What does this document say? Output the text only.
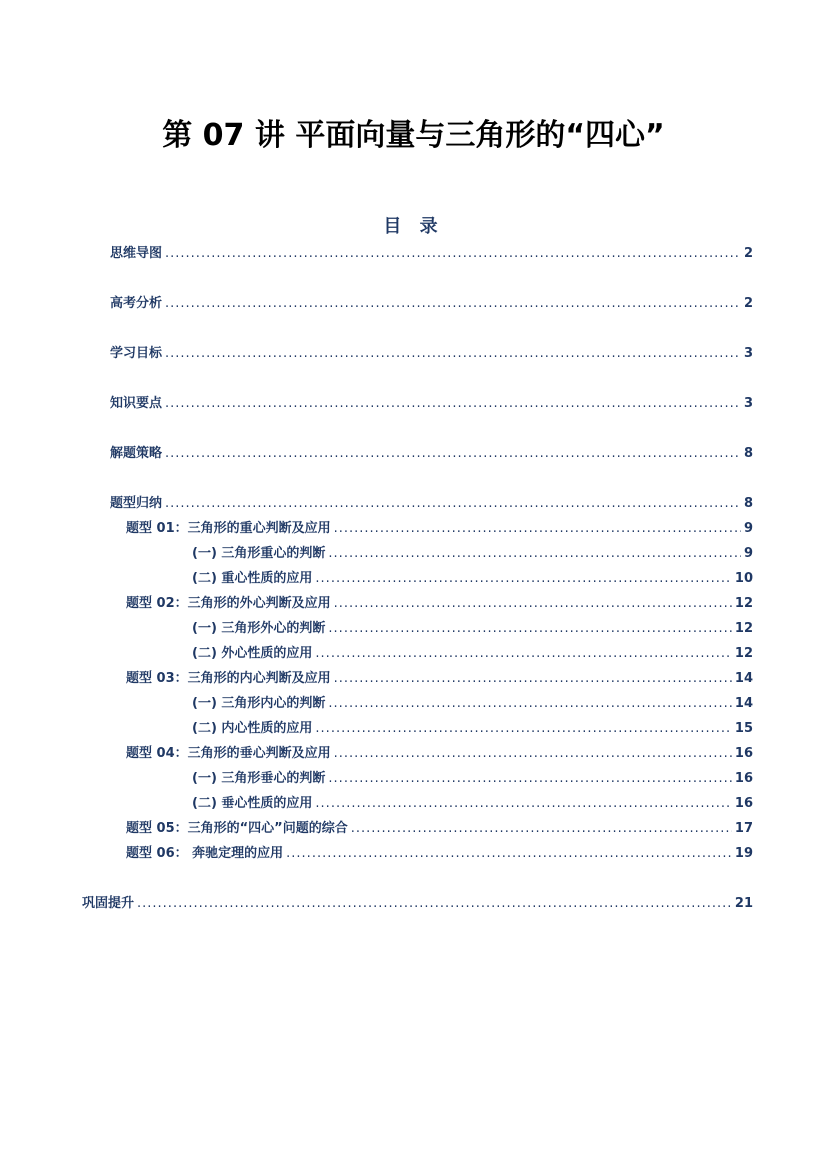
第 07 讲 平面向量与三角形的“四心”
目 录
思维导图 .....	2
高考分析 .....	2
学习目标 .....	3
知识要点 .....	3
解题策略 .....	8
题型归纳 .....	8
题型 01：三角形的重心判断及应用 .....	9
(一) 三角形重心的判断 .....	9
(二) 重心性质的应用 .....	10
题型 02：三角形的外心判断及应用 .....	12
(一) 三角形外心的判断 .....	12
(二) 外心性质的应用 .....	12
题型 03：三角形的内心判断及应用 .....	14
(一) 三角形内心的判断 .....	14
(二) 内心性质的应用 .....	15
题型 04：三角形的垂心判断及应用 .....	16
(一) 三角形垂心的判断 .....	16
(二) 垂心性质的应用 .....	16
题型 05：三角形的“四心”问题的综合 .....	17
题型 06： 奔驰定理的应用 .....	19
巩固提升 .....	21
